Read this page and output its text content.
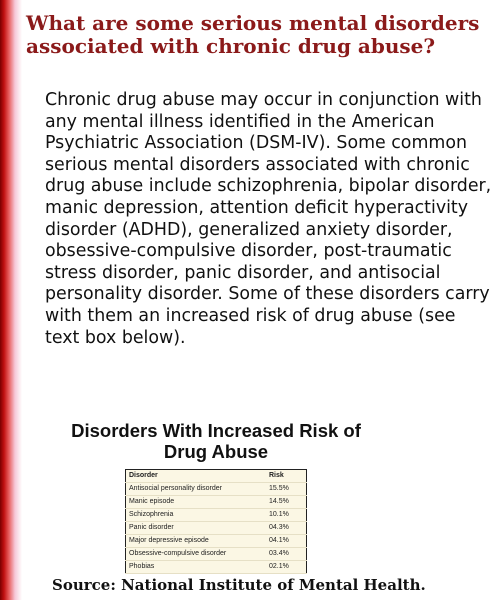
What are some serious mental disorders associated with chronic drug abuse?

Chronic drug abuse may occur in conjunction with any mental illness identified in the American Psychiatric Association (DSM-IV). Some common serious mental disorders associated with chronic drug abuse include schizophrenia, bipolar disorder, manic depression, attention deficit hyperactivity disorder (ADHD), generalized anxiety disorder, obsessive-compulsive disorder, post-traumatic stress disorder, panic disorder, and antisocial personality disorder. Some of these disorders carry with them an increased risk of drug abuse (see text box below).

Disorders With Increased Risk of Drug Abuse
Disorder	Risk
Antisocial personality disorder	15.5%
Manic episode	14.5%
Schizophrenia	10.1%
Panic disorder	04.3%
Major depressive episode	04.1%
Obsessive-compulsive disorder	03.4%
Phobias	02.1%

Source: National Institute of Mental Health.
